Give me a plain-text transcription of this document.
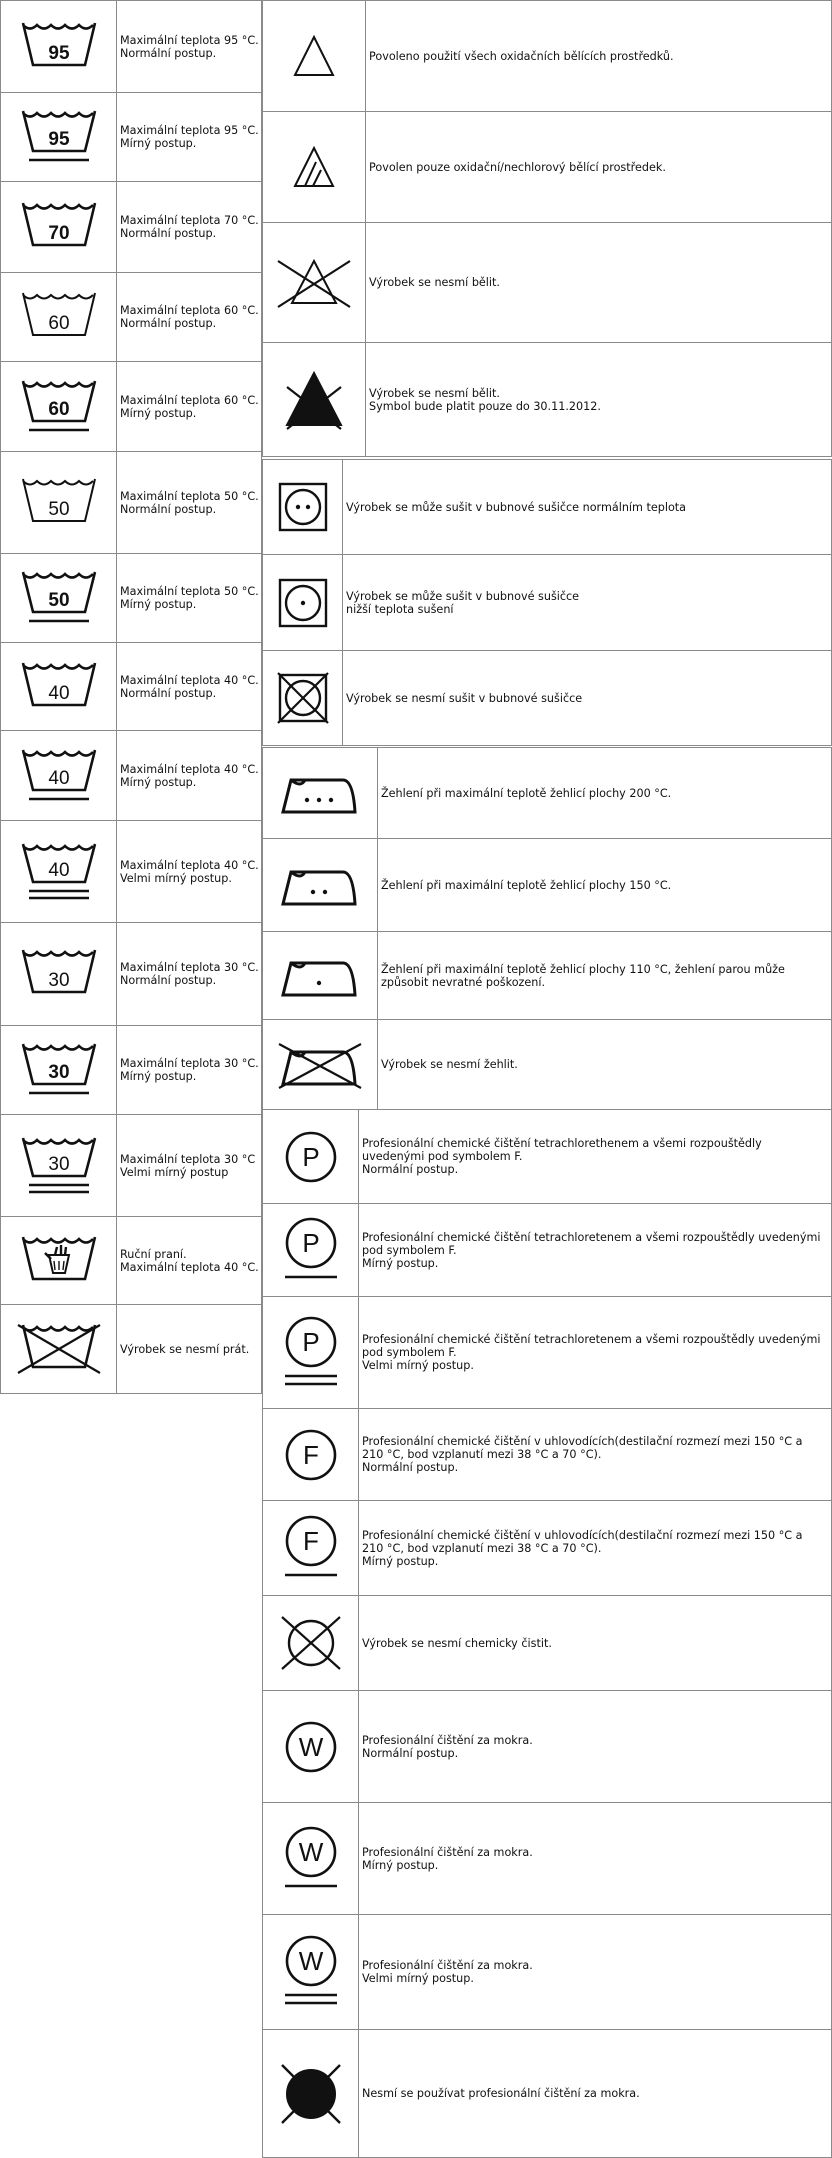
95	Maximální teplota 95 °C.
Normální postup.

95	Maximální teplota 95 °C.
Mírný postup.

70	Maximální teplota 70 °C.
Normální postup.

60	Maximální teplota 60 °C.
Normální postup.

60	Maximální teplota 60 °C.
Mírný postup.

50	Maximální teplota 50 °C.
Normální postup.

50	Maximální teplota 50 °C.
Mírný postup.

40	Maximální teplota 40 °C.
Normální postup.

40	Maximální teplota 40 °C.
Mírný postup.

40	Maximální teplota 40 °C.
Velmi mírný postup.

30	Maximální teplota 30 °C.
Normální postup.

30	Maximální teplota 30 °C.
Mírný postup.

30	Maximální teplota 30 °C
Velmi mírný postup

Ruční praní.
Maximální teplota 40 °C.

Výrobek se nesmí prát.

Povoleno použití všech oxidačních bělících prostředků.

Povolen pouze oxidační/nechlorový bělící prostředek.

Výrobek se nesmí bělit.

Výrobek se nesmí bělit.
Symbol bude platit pouze do 30.11.2012.

Výrobek se může sušit v bubnové sušičce normálním teplota

Výrobek se může sušit v bubnové sušičce
nižší teplota sušení

Výrobek se nesmí sušit v bubnové sušičce

Žehlení při maximální teplotě žehlicí plochy 200 °C.

Žehlení při maximální teplotě žehlicí plochy 150 °C.

Žehlení při maximální teplotě žehlicí plochy 110 °C, žehlení parou může
způsobit nevratné poškození.

Výrobek se nesmí žehlit.
P	Profesionální chemické čištění tetrachlorethenem a všemi rozpouštědly
uvedenými pod symbolem F.
Normální postup.

P	Profesionální chemické čištění tetrachloretenem a všemi rozpouštědly uvedenými
pod symbolem F.
Mírný postup.

P	Profesionální chemické čištění tetrachloretenem a všemi rozpouštědly uvedenými
pod symbolem F.
Velmi mírný postup.

F	Profesionální chemické čištění v uhlovodících(destilační rozmezí mezi 150 °C a
210 °C, bod vzplanutí mezi 38 °C a 70 °C).
Normální postup.

F	Profesionální chemické čištění v uhlovodících(destilační rozmezí mezi 150 °C a
210 °C, bod vzplanutí mezi 38 °C a 70 °C).
Mírný postup.

Výrobek se nesmí chemicky čistit.

W	Profesionální čištění za mokra.
Normální postup.

W	Profesionální čištění za mokra.
Mírný postup.

W	Profesionální čištění za mokra.
Velmi mírný postup.

Nesmí se používat profesionální čištění za mokra.
